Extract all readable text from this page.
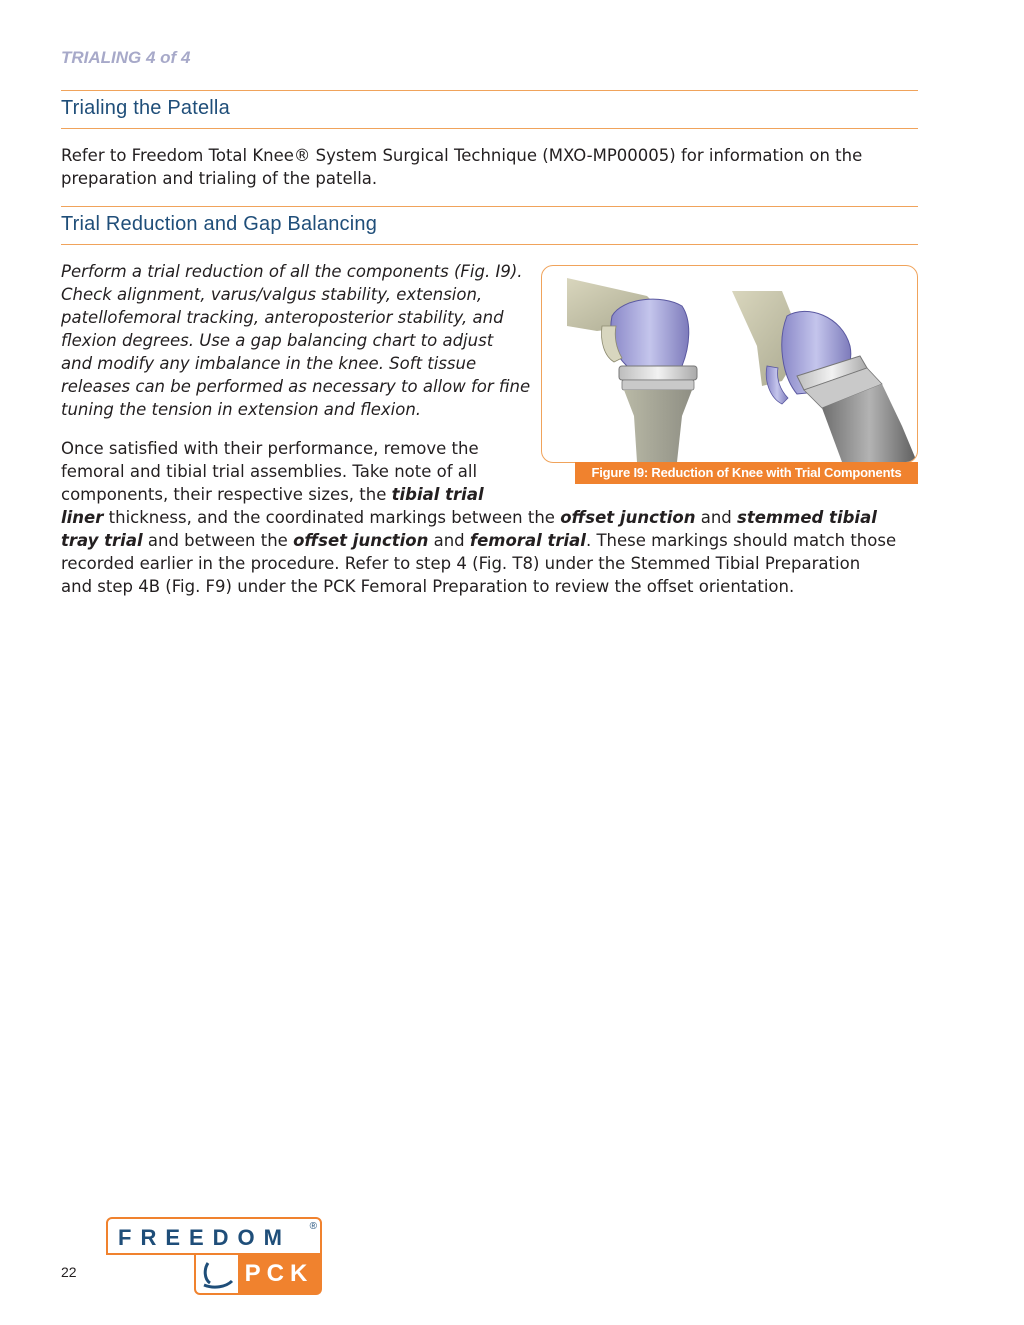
TRIALING 4 of 4
Trialing the Patella
Refer to Freedom Total Knee® System Surgical Technique (MXO-MP00005) for information on the
preparation and trialing of the patella.
Trial Reduction and Gap Balancing
Perform a trial reduction of all the components (Fig. I9).
Check alignment, varus/valgus stability, extension,
patellofemoral tracking, anteroposterior stability, and
flexion degrees. Use a gap balancing chart to adjust
and modify any imbalance in the knee. Soft tissue
releases can be performed as necessary to allow for fine
tuning the tension in extension and flexion.
Once satisfied with their performance, remove the
femoral and tibial trial assemblies. Take note of all
components, their respective sizes, the tibial trial
liner thickness, and the coordinated markings between the offset junction and stemmed tibial
tray trial and between the offset junction and femoral trial. These markings should match those
recorded earlier in the procedure. Refer to step 4 (Fig. T8) under the Stemmed Tibial Preparation
and step 4B (Fig. F9) under the PCK Femoral Preparation to review the offset orientation.
Figure I9: Reduction of Knee with Trial Components
FREEDOM ®
PCK
22
